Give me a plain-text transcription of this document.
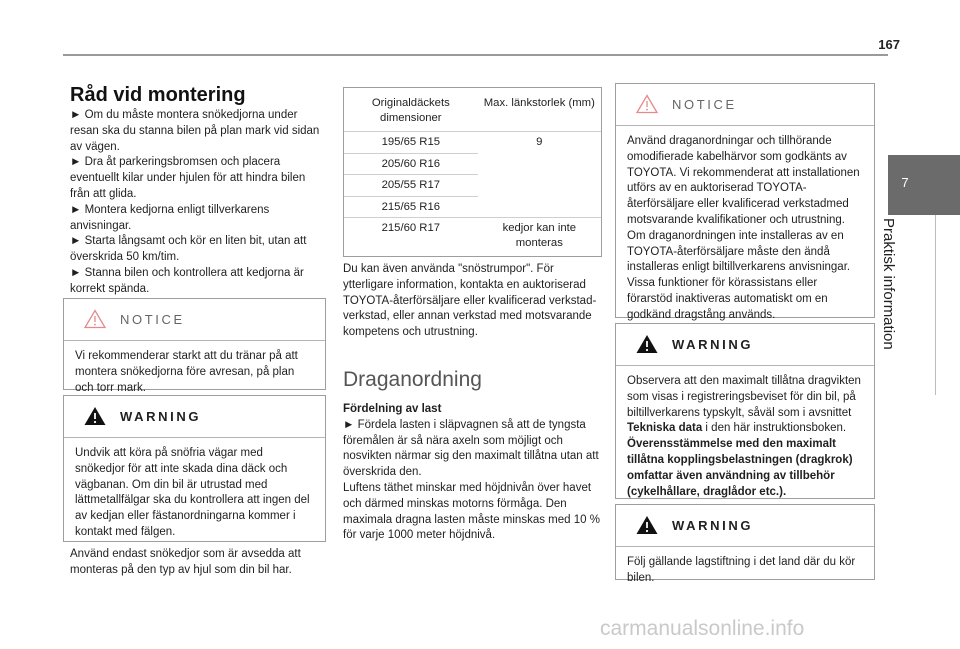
167
7
Praktisk information
Råd vid montering
► Om du måste montera snökedjorna under resan ska du stanna bilen på plan mark vid sidan av vägen.
► Dra åt parkeringsbromsen och placera eventuellt kilar under hjulen för att hindra bilen från att glida.
► Montera kedjorna enligt tillverkarens anvisningar.
► Starta långsamt och kör en liten bit, utan att överskrida 50 km/tim.
► Stanna bilen och kontrollera att kedjorna är korrekt spända.
NOTICE
Vi rekommenderar starkt att du tränar på att montera snökedjorna före avresan, på plan och torr mark.
WARNING
Undvik att köra på snöfria vägar med snökedjor för att inte skada dina däck och vägbanan. Om din bil är utrustad med lättmetallfälgar ska du kontrollera att ingen del av kedjan eller fästanordningarna kommer i kontakt med fälgen.
Använd endast snökedjor som är avsedda att monteras på den typ av hjul som din bil har.
Originaldäckets dimensioner	Max. länkstorlek (mm)
195/65 R15	9
205/60 R16	
205/55 R17	
215/65 R16	
215/60 R17	kedjor kan inte monteras
Du kan även använda "snöstrumpor". För ytterligare information, kontakta en auktoriserad TOYOTA-återförsäljare eller kvalificerad verkstad-verkstad, eller annan verkstad med motsvarande kompetens och utrustning.
Draganordning
Fördelning av last
► Fördela lasten i släpvagnen så att de tyngsta föremålen är så nära axeln som möjligt och nosvikten närmar sig den maximalt tillåtna utan att överskrida den.
Luftens täthet minskar med höjdnivån över havet och därmed minskas motorns förmåga. Den maximala dragna lasten måste minskas med 10 % för varje 1000 meter höjdnivå.
NOTICE
Använd draganordningar och tillhörande omodifierade kabelhärvor som godkänts av TOYOTA. Vi rekommenderat att installationen utförs av en auktoriserad TOYOTA-återförsäljare eller kvalificerad verkstadmed motsvarande kvalifikationer och utrustning. Om draganordningen inte installeras av en TOYOTA-återförsäljare måste den ändå installeras enligt biltillverkarens anvisningar. Vissa funktioner för körassistans eller förarstöd inaktiveras automatiskt om en godkänd dragstång används.
WARNING
Observera att den maximalt tillåtna dragvikten som visas i registreringsbeviset för din bil, på biltillverkarens typskylt, såväl som i avsnittet Tekniska data i den här instruktionsboken.
Överensstämmelse med den maximalt tillåtna kopplingsbelastningen (dragkrok) omfattar även användning av tillbehör (cykelhållare, draglådor etc.).
WARNING
Följ gällande lagstiftning i det land där du kör bilen.
carmanualsonline.info
